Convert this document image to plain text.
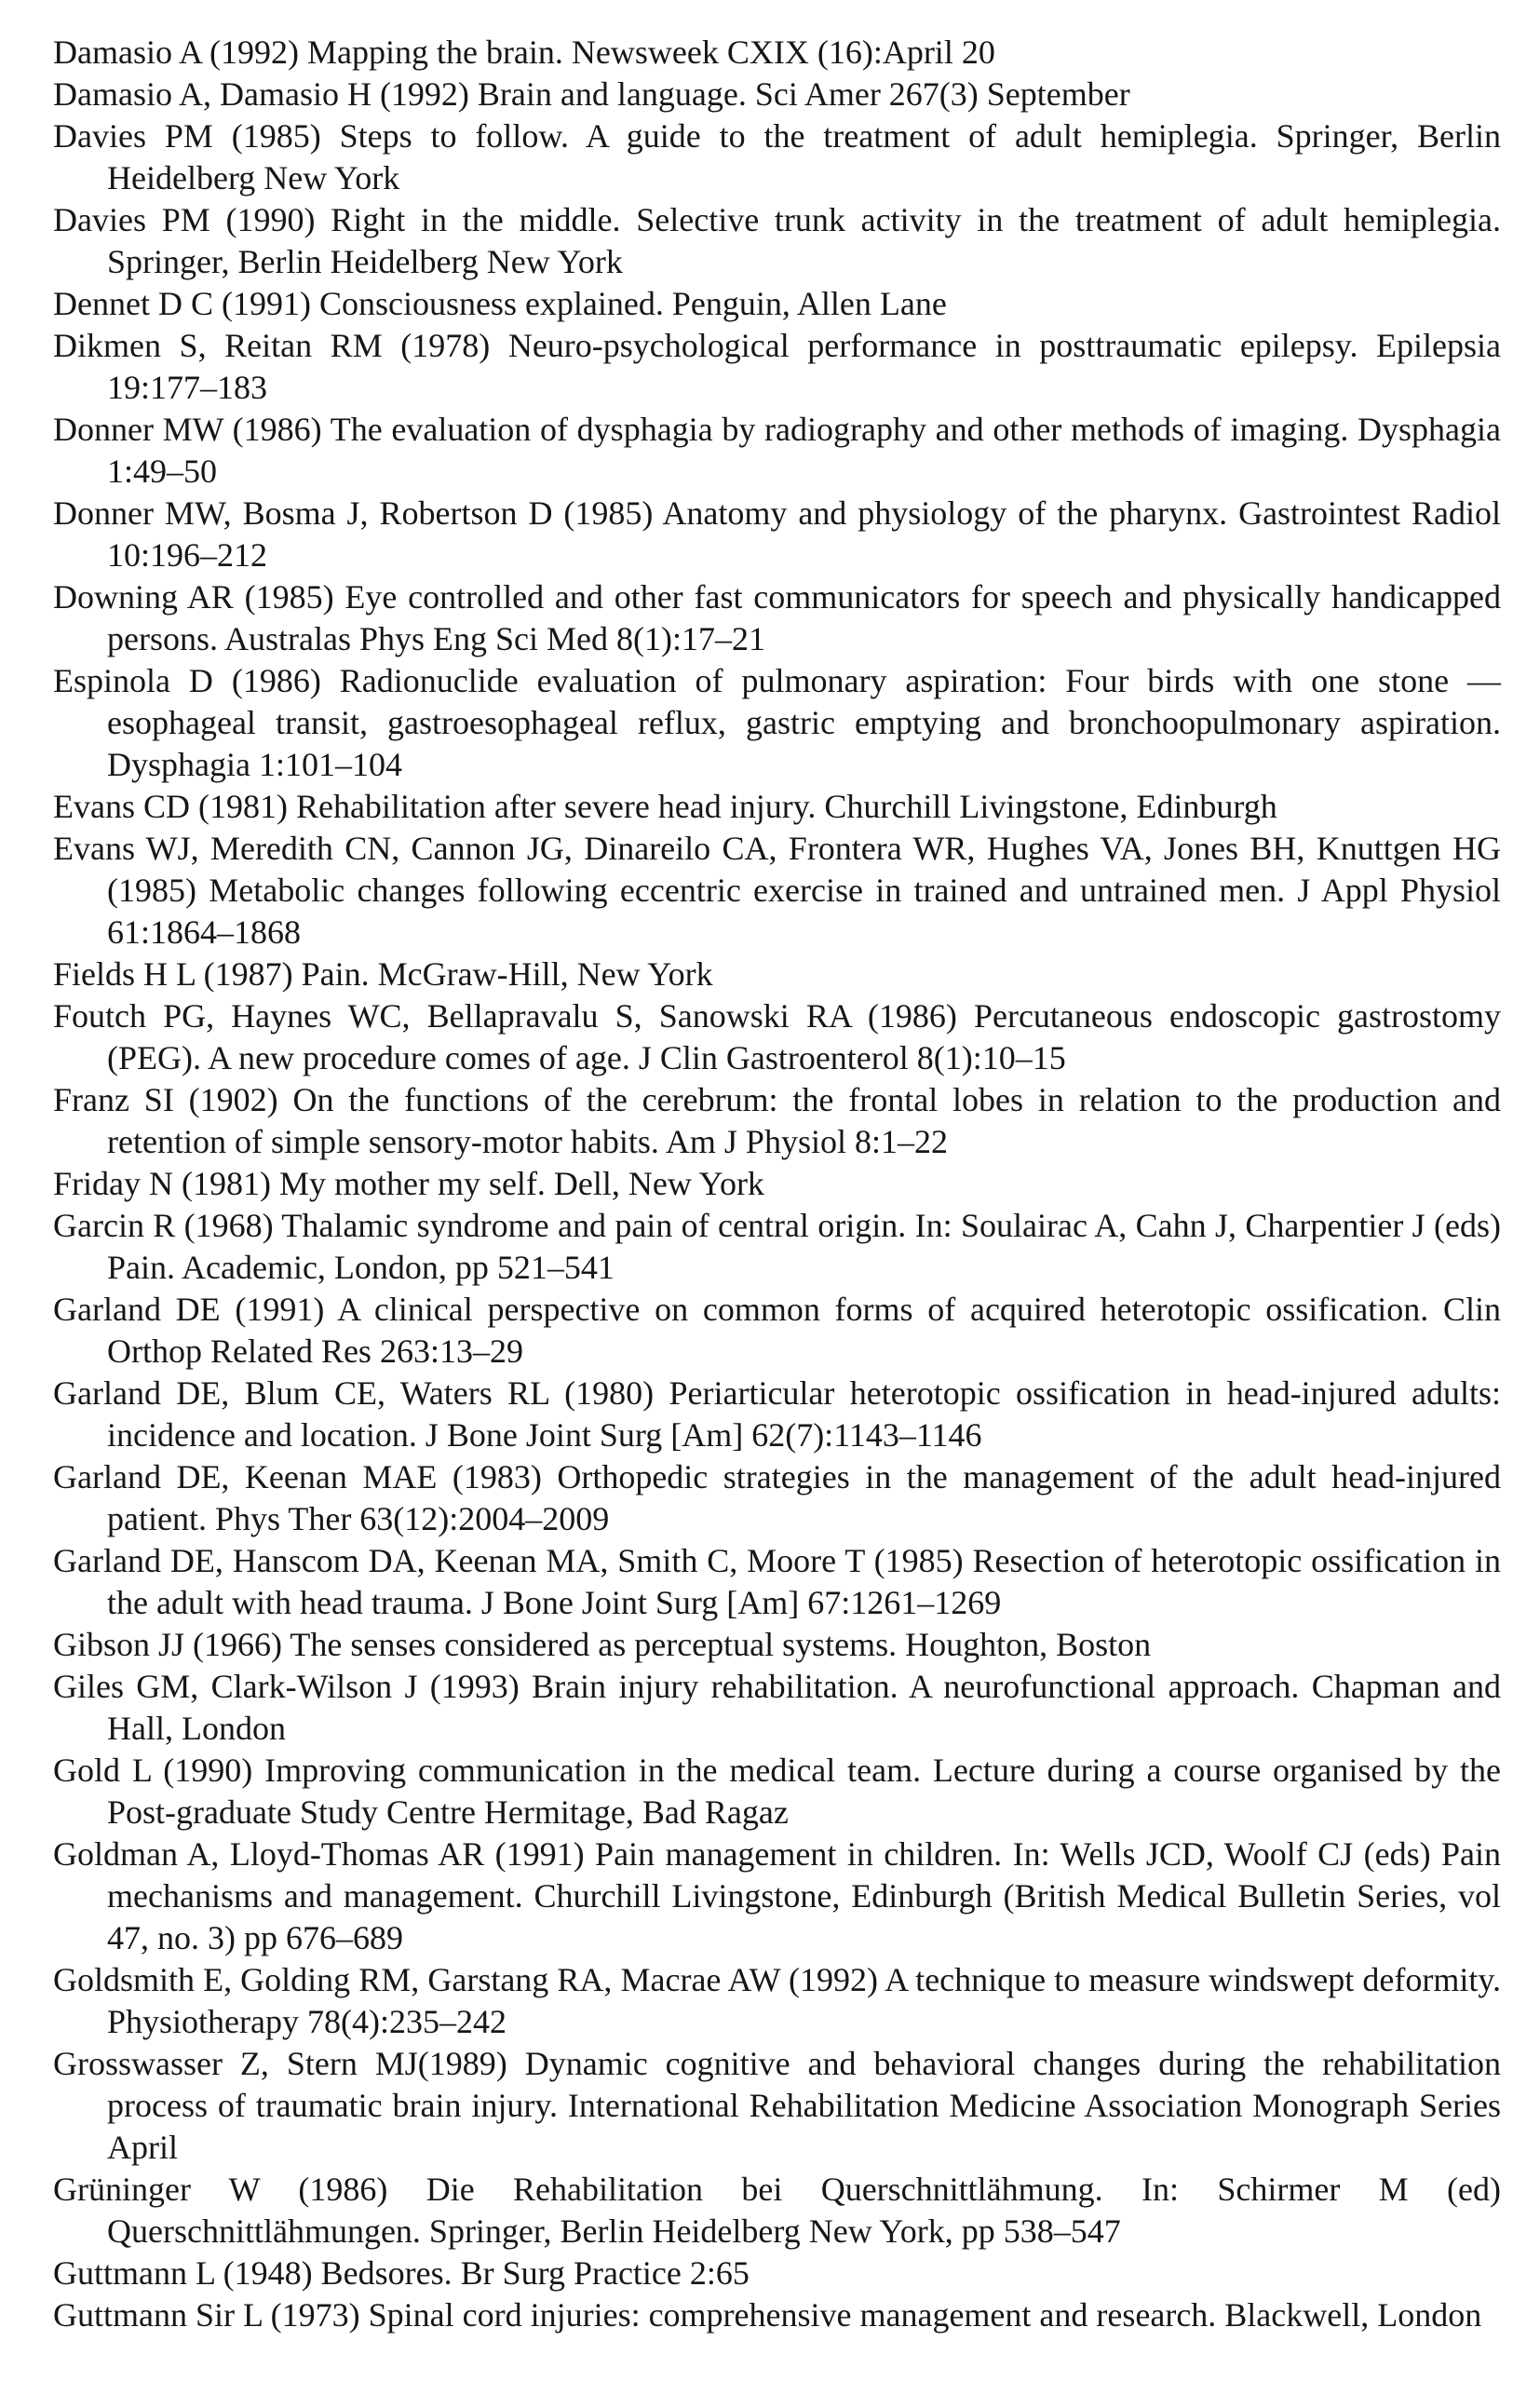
Damasio A (1992) Mapping the brain. Newsweek CXIX (16):April 20

Damasio A, Damasio H (1992) Brain and language. Sci Amer 267(3) September

Davies PM (1985) Steps to follow. A guide to the treatment of adult hemiplegia. Springer, Berlin Heidelberg New York

Davies PM (1990) Right in the middle. Selective trunk activity in the treatment of adult hemiplegia. Springer, Berlin Heidelberg New York

Dennet D C (1991) Consciousness explained. Penguin, Allen Lane

Dikmen S, Reitan RM (1978) Neuro-psychological performance in posttraumatic epilepsy. Epilepsia 19:177–183

Donner MW (1986) The evaluation of dysphagia by radiography and other methods of imaging. Dysphagia 1:49–50

Donner MW, Bosma J, Robertson D (1985) Anatomy and physiology of the pharynx. Gastrointest Radiol 10:196–212

Downing AR (1985) Eye controlled and other fast communicators for speech and physically handicapped persons. Australas Phys Eng Sci Med 8(1):17–21

Espinola D (1986) Radionuclide evaluation of pulmonary aspiration: Four birds with one stone — esophageal transit, gastroesophageal reflux, gastric emptying and bronchoopulmonary aspiration. Dysphagia 1:101–104

Evans CD (1981) Rehabilitation after severe head injury. Churchill Livingstone, Edinburgh

Evans WJ, Meredith CN, Cannon JG, Dinareilo CA, Frontera WR, Hughes VA, Jones BH, Knuttgen HG (1985) Metabolic changes following eccentric exercise in trained and untrained men. J Appl Physiol 61:1864–1868

Fields H L (1987) Pain. McGraw-Hill, New York

Foutch PG, Haynes WC, Bellapravalu S, Sanowski RA (1986) Percutaneous endoscopic gastrostomy (PEG). A new procedure comes of age. J Clin Gastroenterol 8(1):10–15

Franz SI (1902) On the functions of the cerebrum: the frontal lobes in relation to the production and retention of simple sensory-motor habits. Am J Physiol 8:1–22

Friday N (1981) My mother my self. Dell, New York

Garcin R (1968) Thalamic syndrome and pain of central origin. In: Soulairac A, Cahn J, Charpentier J (eds) Pain. Academic, London, pp 521–541

Garland DE (1991) A clinical perspective on common forms of acquired heterotopic ossification. Clin Orthop Related Res 263:13–29

Garland DE, Blum CE, Waters RL (1980) Periarticular heterotopic ossification in head-injured adults: incidence and location. J Bone Joint Surg [Am] 62(7):1143–1146

Garland DE, Keenan MAE (1983) Orthopedic strategies in the management of the adult head-injured patient. Phys Ther 63(12):2004–2009

Garland DE, Hanscom DA, Keenan MA, Smith C, Moore T (1985) Resection of heterotopic ossification in the adult with head trauma. J Bone Joint Surg [Am] 67:1261–1269

Gibson JJ (1966) The senses considered as perceptual systems. Houghton, Boston

Giles GM, Clark-Wilson J (1993) Brain injury rehabilitation. A neurofunctional approach. Chapman and Hall, London

Gold L (1990) Improving communication in the medical team. Lecture during a course organised by the Post-graduate Study Centre Hermitage, Bad Ragaz

Goldman A, Lloyd-Thomas AR (1991) Pain management in children. In: Wells JCD, Woolf CJ (eds) Pain mechanisms and management. Churchill Livingstone, Edinburgh (British Medical Bulletin Series, vol 47, no. 3) pp 676–689

Goldsmith E, Golding RM, Garstang RA, Macrae AW (1992) A technique to measure windswept deformity. Physiotherapy 78(4):235–242

Grosswasser Z, Stern MJ(1989) Dynamic cognitive and behavioral changes during the rehabilitation process of traumatic brain injury. International Rehabilitation Medicine Association Monograph Series April

Grüninger W (1986) Die Rehabilitation bei Querschnittlähmung. In: Schirmer M (ed) Querschnittlähmungen. Springer, Berlin Heidelberg New York, pp 538–547

Guttmann L (1948) Bedsores. Br Surg Practice 2:65

Guttmann Sir L (1973) Spinal cord injuries: comprehensive management and research. Blackwell, London
